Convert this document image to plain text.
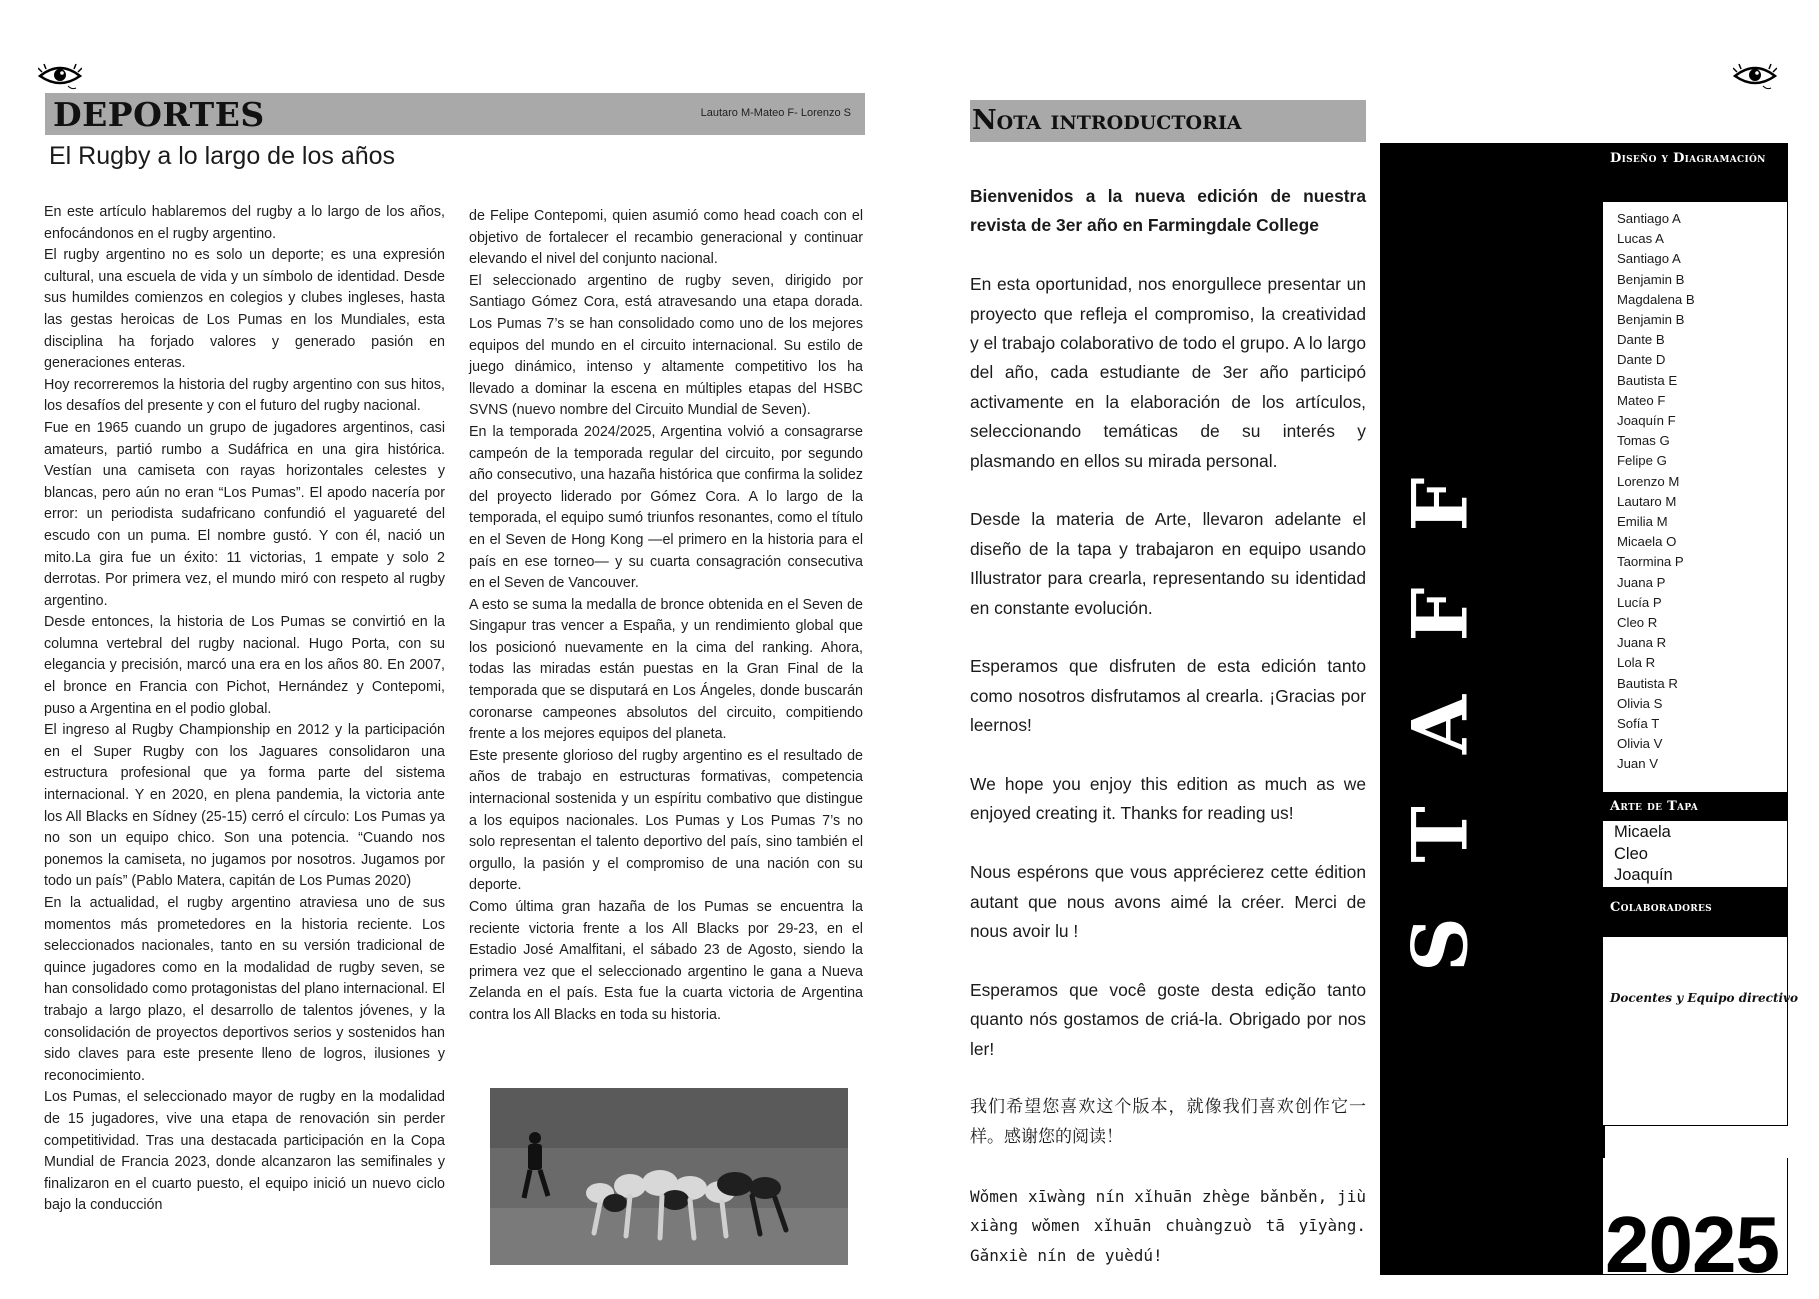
DEPORTES	Lautaro M-Mateo F- Lorenzo S
El Rugby a lo largo de los años

En este artículo hablaremos del rugby a lo largo de los años, enfocándonos en el rugby argentino.

El rugby argentino no es solo un deporte; es una expresión cultural, una escuela de vida y un símbolo de identidad. Desde sus humildes comienzos en colegios y clubes ingleses, hasta las gestas heroicas de Los Pumas en los Mundiales, esta disciplina ha forjado valores y generado pasión en generaciones enteras.

Hoy recorreremos la historia del rugby argentino con sus hitos, los desafíos del presente y con el futuro del rugby nacional.

Fue en 1965 cuando un grupo de jugadores argentinos, casi amateurs, partió rumbo a Sudáfrica en una gira histórica. Vestían una camiseta con rayas horizontales celestes y blancas, pero aún no eran “Los Pumas”. El apodo nacería por error: un periodista sudafricano confundió el yaguareté del escudo con un puma. El nombre gustó. Y con él, nació un mito.La gira fue un éxito: 11 victorias, 1 empate y solo 2 derrotas. Por primera vez, el mundo miró con respeto al rugby argentino.

Desde entonces, la historia de Los Pumas se convirtió en la columna vertebral del rugby nacional. Hugo Porta, con su elegancia y precisión, marcó una era en los años 80. En 2007, el bronce en Francia con Pichot, Hernández y Contepomi, puso a Argentina en el podio global.

El ingreso al Rugby Championship en 2012 y la participación en el Super Rugby con los Jaguares consolidaron una estructura profesional que ya forma parte del sistema internacional. Y en 2020, en plena pandemia, la victoria ante los All Blacks en Sídney (25-15) cerró el círculo: Los Pumas ya no son un equipo chico. Son una potencia. “Cuando nos ponemos la camiseta, no jugamos por nosotros. Jugamos por todo un país” (Pablo Matera, capitán de Los Pumas 2020)

En la actualidad, el rugby argentino atraviesa uno de sus momentos más prometedores en la historia reciente. Los seleccionados nacionales, tanto en su versión tradicional de quince jugadores como en la modalidad de rugby seven, se han consolidado como protagonistas del plano internacional. El trabajo a largo plazo, el desarrollo de talentos jóvenes, y la consolidación de proyectos deportivos serios y sostenidos han sido claves para este presente lleno de logros, ilusiones y reconocimiento.

Los Pumas, el seleccionado mayor de rugby en la modalidad de 15 jugadores, vive una etapa de renovación sin perder competitividad. Tras una destacada participación en la Copa Mundial de Francia 2023, donde alcanzaron las semifinales y finalizaron en el cuarto puesto, el equipo inició un nuevo ciclo bajo la conducción

de Felipe Contepomi, quien asumió como head coach con el objetivo de fortalecer el recambio generacional y continuar elevando el nivel del conjunto nacional.

El seleccionado argentino de rugby seven, dirigido por Santiago Gómez Cora, está atravesando una etapa dorada. Los Pumas 7’s se han consolidado como uno de los mejores equipos del mundo en el circuito internacional. Su estilo de juego dinámico, intenso y altamente competitivo los ha llevado a dominar la escena en múltiples etapas del HSBC SVNS (nuevo nombre del Circuito Mundial de Seven).

En la temporada 2024/2025, Argentina volvió a consagrarse campeón de la temporada regular del circuito, por segundo año consecutivo, una hazaña histórica que confirma la solidez del proyecto liderado por Gómez Cora. A lo largo de la temporada, el equipo sumó triunfos resonantes, como el título en el Seven de Hong Kong —el primero en la historia para el país en ese torneo— y su cuarta consagración consecutiva en el Seven de Vancouver.

A esto se suma la medalla de bronce obtenida en el Seven de Singapur tras vencer a España, y un rendimiento global que los posicionó nuevamente en la cima del ranking. Ahora, todas las miradas están puestas en la Gran Final de la temporada que se disputará en Los Ángeles, donde buscarán coronarse campeones absolutos del circuito, compitiendo frente a los mejores equipos del planeta.

Este presente glorioso del rugby argentino es el resultado de años de trabajo en estructuras formativas, competencia internacional sostenida y un espíritu combativo que distingue a los equipos nacionales. Los Pumas y Los Pumas 7’s no solo representan el talento deportivo del país, sino también el orgullo, la pasión y el compromiso de una nación con su deporte.

Como última gran hazaña de los Pumas se encuentra la reciente victoria frente a los All Blacks por 29-23, en el Estadio José Amalfitani, el sábado 23 de Agosto, siendo la primera vez que el seleccionado argentino le gana a Nueva Zelanda en el país. Esta fue la cuarta victoria de Argentina contra los All Blacks en toda su historia.

Nota introductoria

Bienvenidos a la nueva edición de nuestra revista de 3er año en Farmingdale College

En esta oportunidad, nos enorgullece presentar un proyecto que refleja el compromiso, la creatividad y el trabajo colaborativo de todo el grupo. A lo largo del año, cada estudiante de 3er año participó activamente en la elaboración de los artículos, seleccionando temáticas de su interés y plasmando en ellos su mirada personal.

Desde la materia de Arte, llevaron adelante el diseño de la tapa y trabajaron en equipo usando Illustrator para crearla, representando su identidad en constante evolución.

Esperamos que disfruten de esta edición tanto como nosotros disfrutamos al crearla. ¡Gracias por leernos!

We hope you enjoy this edition as much as we enjoyed creating it. Thanks for reading us!

Nous espérons que vous apprécierez cette édition autant que nous avons aimé la créer. Merci de nous avoir lu !

Esperamos que você goste desta edição tanto quanto nós gostamos de criá-la. Obrigado por nos ler!

我们希望您喜欢这个版本，就像我们喜欢创作它一样。感谢您的阅读！

Wǒmen xīwàng nín xǐhuān zhège bǎnběn, jiù xiàng wǒmen xǐhuān chuàngzuò tā yīyàng. Gǎnxiè nín de yuèdú!

S
T
A
F
F
Diseño y Diagramación
Santiago A
Lucas A
Santiago A
Benjamin B
Magdalena B
Benjamin B
Dante B
Dante D
Bautista E
Mateo F
Joaquín F
Tomas G
Felipe G
Lorenzo M
Lautaro M
Emilia M
Micaela O
Taormina P
Juana P
Lucía P
Cleo R
Juana R
Lola R
Bautista R
Olivia S
Sofía T
Olivia V
Juan V
Arte de Tapa
Micaela
Cleo
Joaquín
Colaboradores
Docentes y Equipo directivo
2025
